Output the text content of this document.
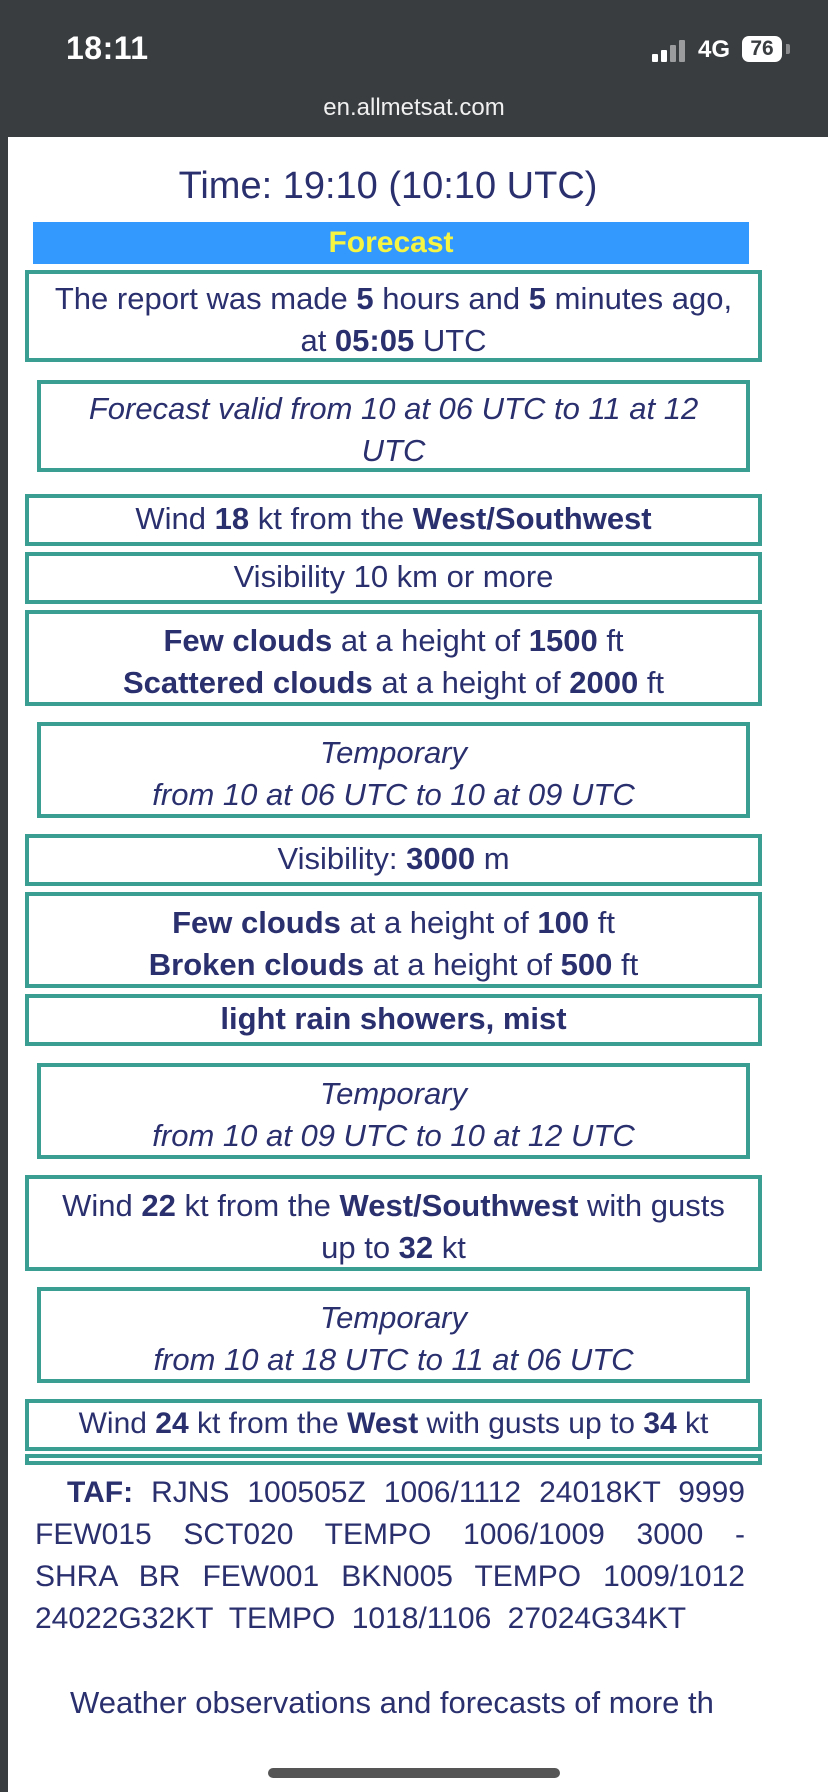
18:11	4G 76
en.allmetsat.com
Time: 19:10 (10:10 UTC)
Forecast
The report was made 5 hours and 5 minutes ago, at 05:05 UTC
Forecast valid from 10 at 06 UTC to 11 at 12 UTC
Wind 18 kt from the West/Southwest
Visibility 10 km or more
Few clouds at a height of 1500 ft
Scattered clouds at a height of 2000 ft
Temporary
from 10 at 06 UTC to 10 at 09 UTC
Visibility: 3000 m
Few clouds at a height of 100 ft
Broken clouds at a height of 500 ft
light rain showers, mist
Temporary
from 10 at 09 UTC to 10 at 12 UTC
Wind 22 kt from the West/Southwest with gusts up to 32 kt
Temporary
from 10 at 18 UTC to 11 at 06 UTC
Wind 24 kt from the West with gusts up to 34 kt
TAF: RJNS 100505Z 1006/1112 24018KT 9999 FEW015 SCT020 TEMPO 1006/1009 3000 -SHRA BR FEW001 BKN005 TEMPO 1009/1012 24022G32KT TEMPO 1018/1106 27024G34KT
Weather observations and forecasts of more th
